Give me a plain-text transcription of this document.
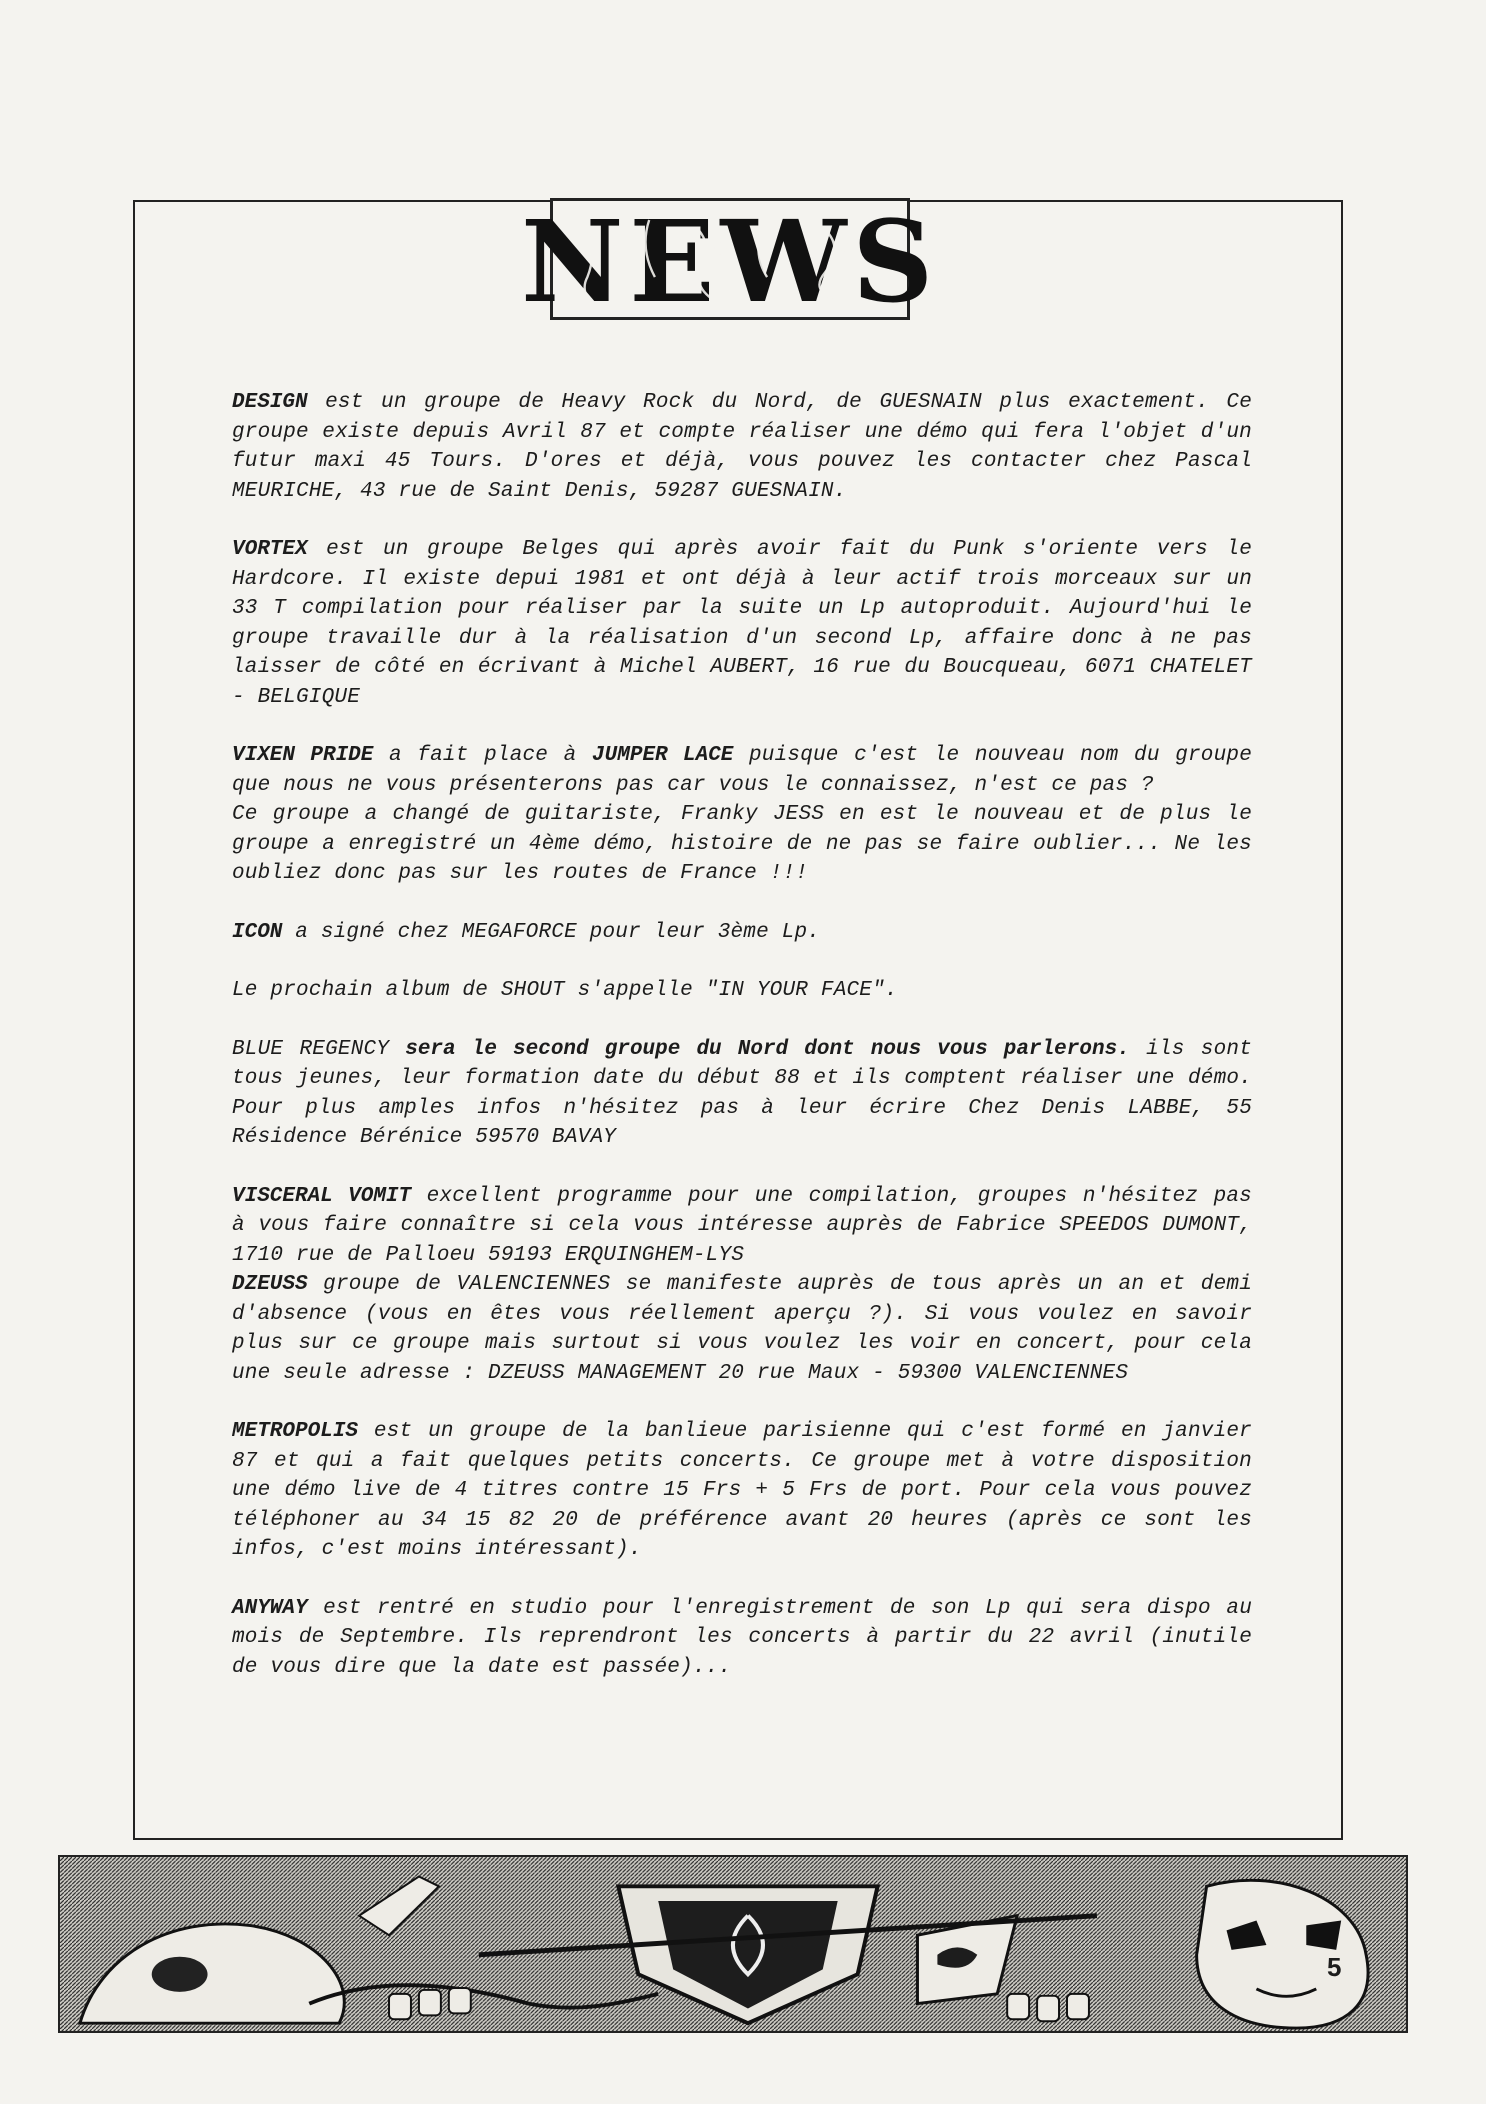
NEWS

DESIGN est un groupe de Heavy Rock du Nord, de GUESNAIN plus exactement. Ce groupe existe depuis Avril 87 et compte réaliser une démo qui fera l'objet d'un futur maxi 45 Tours. D'ores et déjà, vous pouvez les contacter chez Pascal MEURICHE, 43 rue de Saint Denis, 59287 GUESNAIN.

VORTEX est un groupe Belges qui après avoir fait du Punk s'oriente vers le Hardcore. Il existe depui 1981 et ont déjà à leur actif trois morceaux sur un 33 T compilation pour réaliser par la suite un Lp autoproduit. Aujourd'hui le groupe travaille dur à la réalisation d'un second Lp, affaire donc à ne pas laisser de côté en écrivant à Michel AUBERT, 16 rue du Boucqueau, 6071 CHATELET - BELGIQUE

VIXEN PRIDE a fait place à JUMPER LACE puisque c'est le nouveau nom du groupe que nous ne vous présenterons pas car vous le connaissez, n'est ce pas ?

Ce groupe a changé de guitariste, Franky JESS en est le nouveau et de plus le groupe a enregistré un 4ème démo, histoire de ne pas se faire oublier... Ne les oubliez donc pas sur les routes de France !!!

ICON a signé chez MEGAFORCE pour leur 3ème Lp.

Le prochain album de SHOUT s'appelle "IN YOUR FACE".

BLUE REGENCY sera le second groupe du Nord dont nous vous parlerons. ils sont tous jeunes, leur formation date du début 88 et ils comptent réaliser une démo. Pour plus amples infos n'hésitez pas à leur écrire Chez Denis LABBE, 55 Résidence Bérénice 59570 BAVAY

VISCERAL VOMIT excellent programme pour une compilation, groupes n'hésitez pas à vous faire connaître si cela vous intéresse auprès de Fabrice SPEEDOS DUMONT, 1710 rue de Palloeu 59193 ERQUINGHEM-LYS

DZEUSS groupe de VALENCIENNES se manifeste auprès de tous après un an et demi d'absence (vous en êtes vous réellement aperçu ?). Si vous voulez en savoir plus sur ce groupe mais surtout si vous voulez les voir en concert, pour cela une seule adresse : DZEUSS MANAGEMENT 20 rue Maux - 59300 VALENCIENNES

METROPOLIS est un groupe de la banlieue parisienne qui c'est formé en janvier 87 et qui a fait quelques petits concerts. Ce groupe met à votre disposition une démo live de 4 titres contre 15 Frs + 5 Frs de port. Pour cela vous pouvez téléphoner au 34 15 82 20 de préférence avant 20 heures (après ce sont les infos, c'est moins intéressant).

ANYWAY est rentré en studio pour l'enregistrement de son Lp qui sera dispo au mois de Septembre. Ils reprendront les concerts à partir du 22 avril (inutile de vous dire que la date est passée)...

5
